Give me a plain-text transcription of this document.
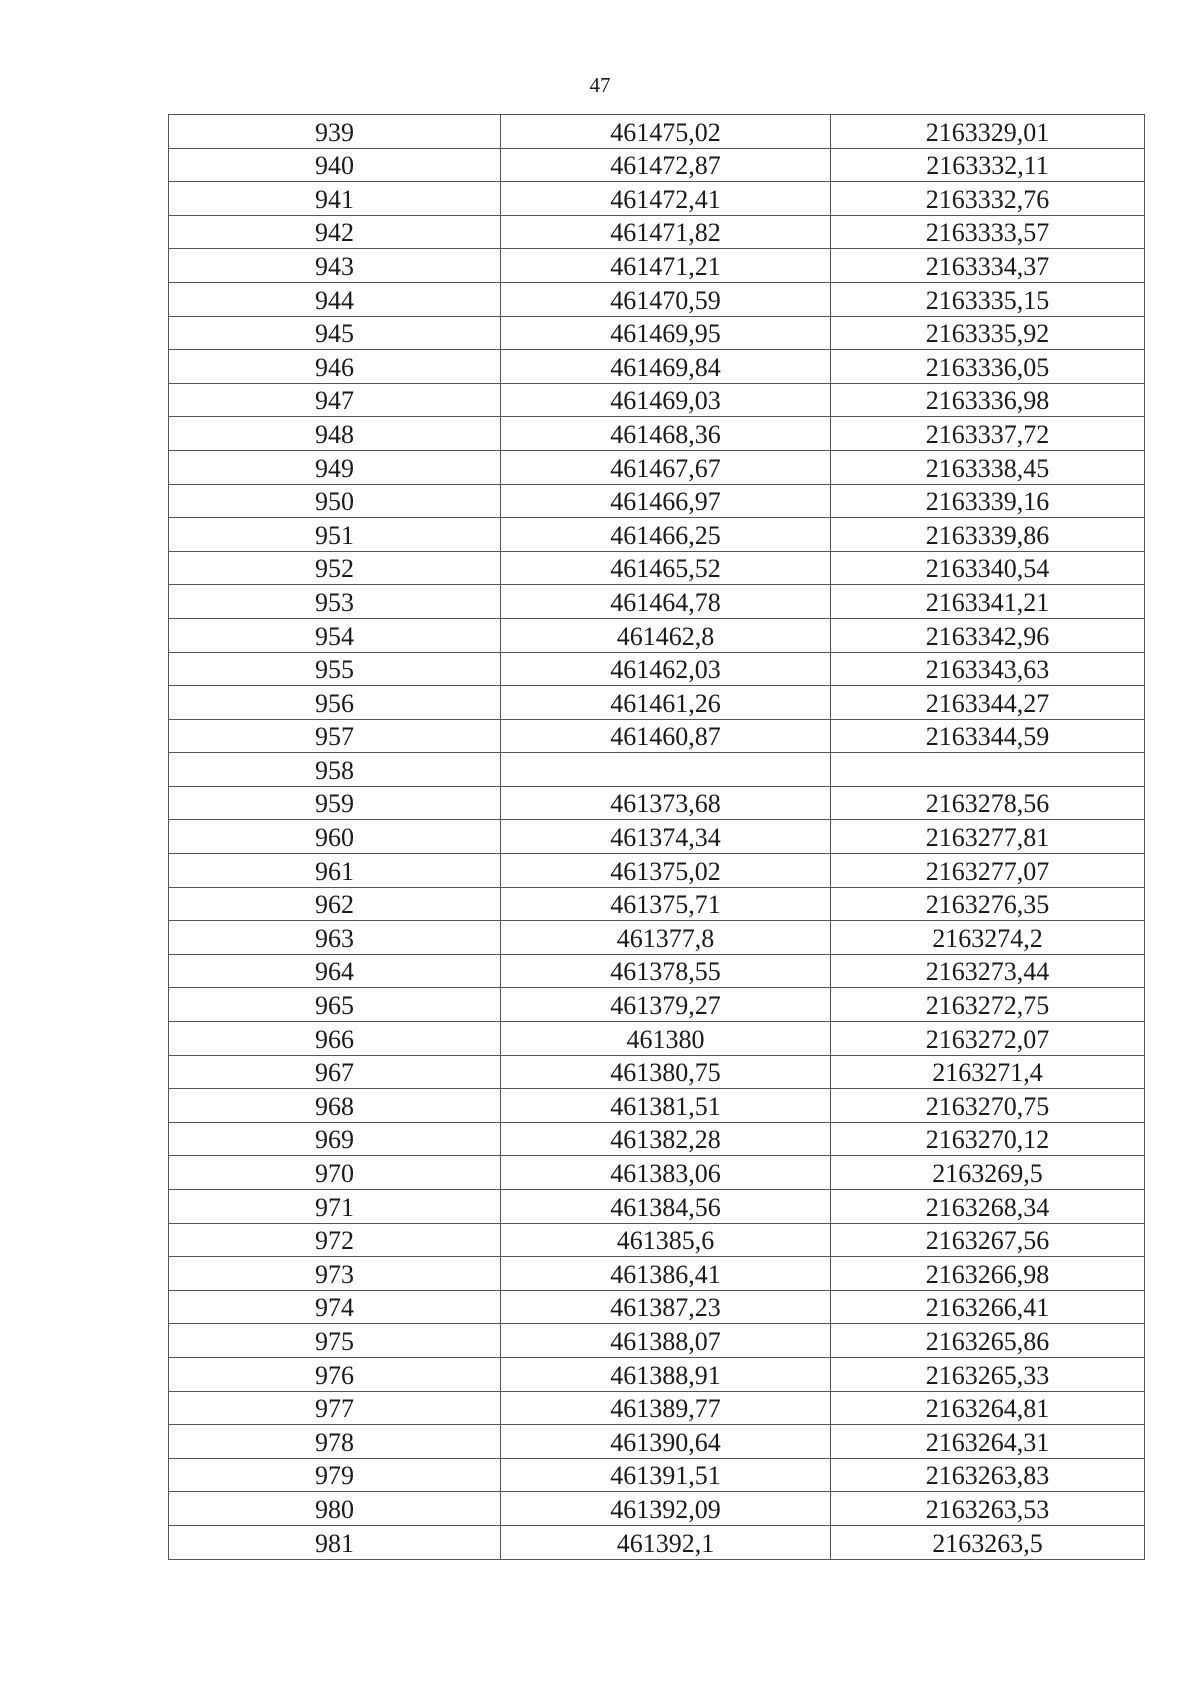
47
939	461475,02	2163329,01
940	461472,87	2163332,11
941	461472,41	2163332,76
942	461471,82	2163333,57
943	461471,21	2163334,37
944	461470,59	2163335,15
945	461469,95	2163335,92
946	461469,84	2163336,05
947	461469,03	2163336,98
948	461468,36	2163337,72
949	461467,67	2163338,45
950	461466,97	2163339,16
951	461466,25	2163339,86
952	461465,52	2163340,54
953	461464,78	2163341,21
954	461462,8	2163342,96
955	461462,03	2163343,63
956	461461,26	2163344,27
957	461460,87	2163344,59
958		
959	461373,68	2163278,56
960	461374,34	2163277,81
961	461375,02	2163277,07
962	461375,71	2163276,35
963	461377,8	2163274,2
964	461378,55	2163273,44
965	461379,27	2163272,75
966	461380	2163272,07
967	461380,75	2163271,4
968	461381,51	2163270,75
969	461382,28	2163270,12
970	461383,06	2163269,5
971	461384,56	2163268,34
972	461385,6	2163267,56
973	461386,41	2163266,98
974	461387,23	2163266,41
975	461388,07	2163265,86
976	461388,91	2163265,33
977	461389,77	2163264,81
978	461390,64	2163264,31
979	461391,51	2163263,83
980	461392,09	2163263,53
981	461392,1	2163263,5
